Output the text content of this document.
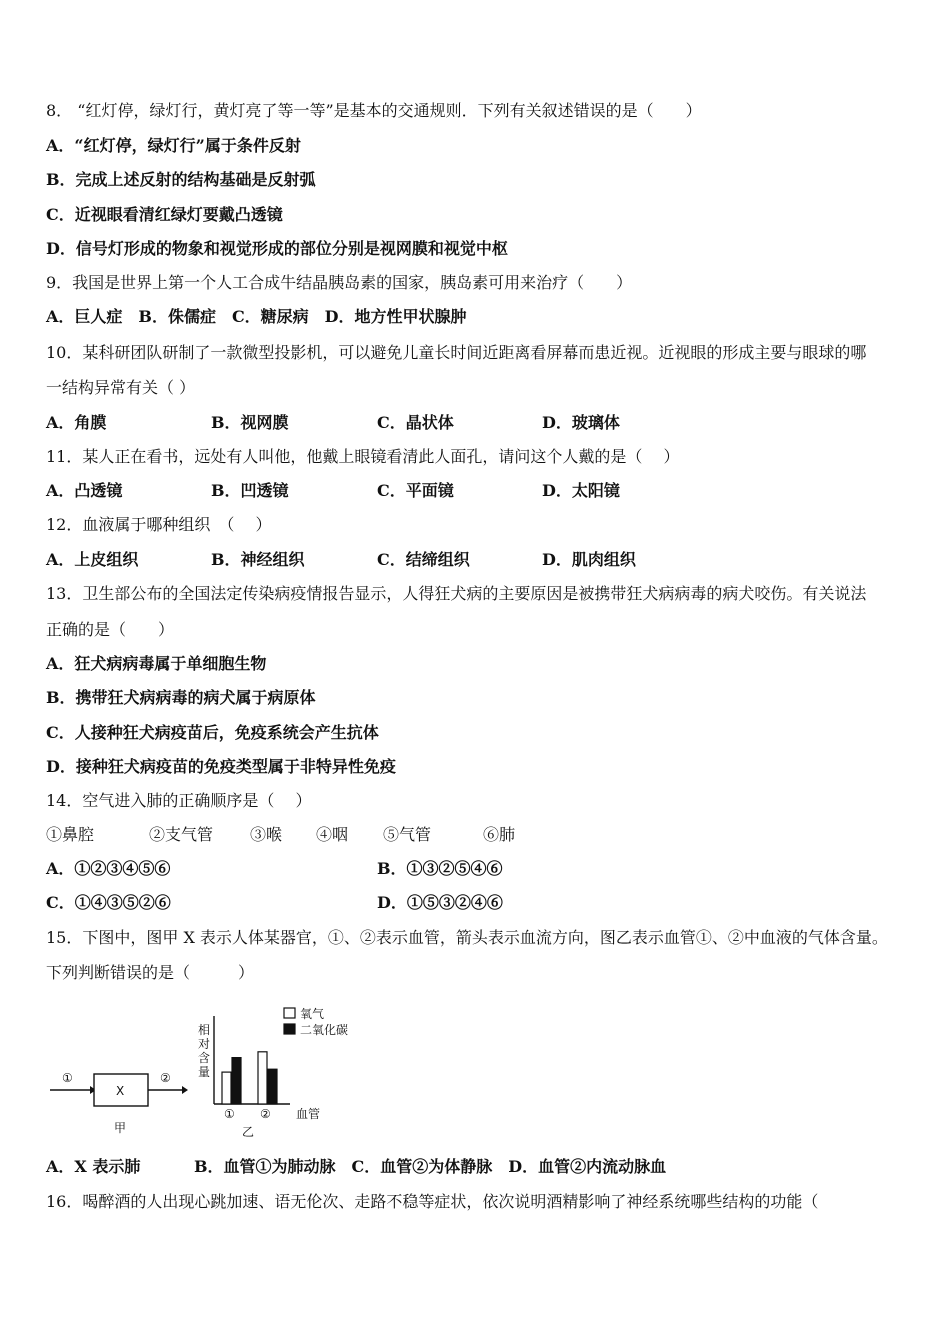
8． “红灯停，绿灯行，黄灯亮了等一等”是基本的交通规则．下列有关叙述错误的是（　　）
A．“红灯停，绿灯行”属于条件反射
B．完成上述反射的结构基础是反射弧
C．近视眼看清红绿灯要戴凸透镜
D．信号灯形成的物象和视觉形成的部位分别是视网膜和视觉中枢
9．我国是世界上第一个人工合成牛结晶胰岛素的国家，胰岛素可用来治疗（　　）
A．巨人症　B．侏儒症　C．糖尿病　D．地方性甲状腺肿
10．某科研团队研制了一款微型投影机，可以避免儿童长时间近距离看屏幕而患近视。近视眼的形成主要与眼球的哪
一结构异常有关（ ）
A．角膜	B．视网膜	C．晶状体	D．玻璃体
11．某人正在看书，远处有人叫他，他戴上眼镜看清此人面孔，请问这个人戴的是（　 ）
A．凸透镜	B．凹透镜	C．平面镜	D．太阳镜
12．血液属于哪种组织　（　 ）
A．上皮组织	B．神经组织	C．结缔组织	D．肌肉组织
13．卫生部公布的全国法定传染病疫情报告显示，人得狂犬病的主要原因是被携带狂犬病病毒的病犬咬伤。有关说法
正确的是（　　）
A．狂犬病病毒属于单细胞生物
B．携带狂犬病病毒的病犬属于病原体
C．人接种狂犬病疫苗后，免疫系统会产生抗体
D．接种狂犬病疫苗的免疫类型属于非特异性免疫
14．空气进入肺的正确顺序是（　 ）
①鼻腔	②支气管 ③喉 ④咽 ⑤气管	⑥肺
A．①②③④⑤⑥	B．①③②⑤④⑥
C．①④③⑤②⑥	D．①⑤③②④⑥
15．下图中，图甲 X 表示人体某器官，①、②表示血管，箭头表示血流方向，图乙表示血管①、②中血液的气体含量。
下列判断错误的是（　　　）
①
X
②
甲
相
对
含
量
氧气
二氧化碳
血管
乙
① ②
A．X 表示肺　　　 B．血管①为肺动脉　C．血管②为体静脉　D．血管②内流动脉血
16．喝醉酒的人出现心跳加速、语无伦次、走路不稳等症状，依次说明酒精影响了神经系统哪些结构的功能（
